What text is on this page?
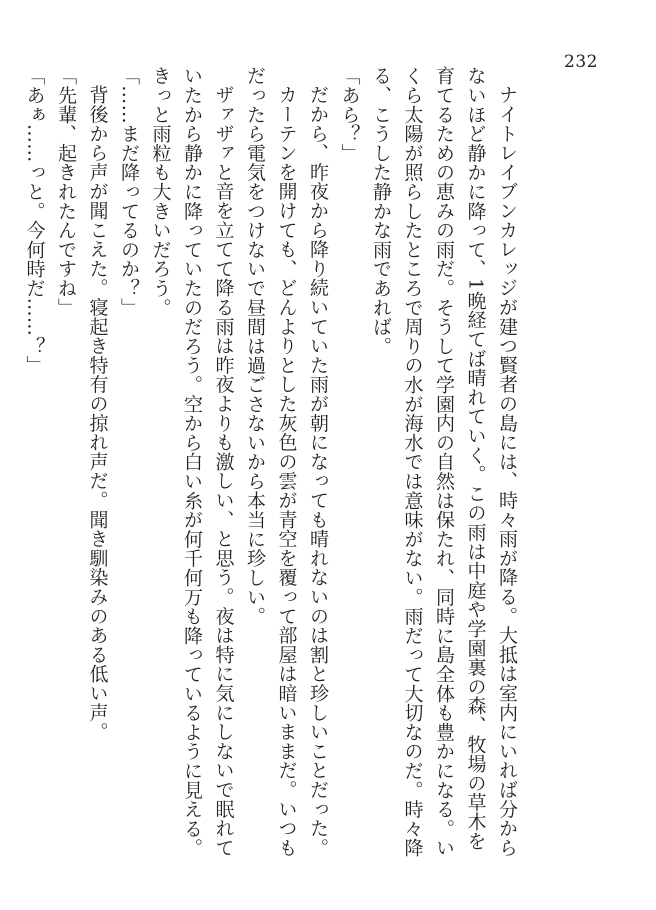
232

ナイトレイブンカレッジが建つ賢者の島には、時々雨が降る。大抵は室内にいれば分からないほど静かに降って、1晩経てば晴れていく。この雨は中庭や学園裏の森、牧場の草木を育てるための恵みの雨だ。そうして学園内の自然は保たれ、同時に島全体も豊かになる。いくら太陽が照らしたところで周りの水が海水では意味がない。雨だって大切なのだ。時々降る、こうした静かな雨であれば。

「あら？」

だから、昨夜から降り続いていた雨が朝になっても晴れないのは割と珍しいことだった。

カーテンを開けても、どんよりとした灰色の雲が青空を覆って部屋は暗いままだ。いつもだったら電気をつけないで昼間は過ごさないから本当に珍しい。

ザァザァと音を立てて降る雨は昨夜よりも激しい、と思う。夜は特に気にしないで眠れていたから静かに降っていたのだろう。空から白い糸が何千何万も降っているように見える。きっと雨粒も大きいだろう。

「……まだ降ってるのか？」

背後から声が聞こえた。寝起き特有の掠れ声だ。聞き馴染みのある低い声。

「先輩、起きれたんですね」

「あぁ……っと。今何時だ……？」
